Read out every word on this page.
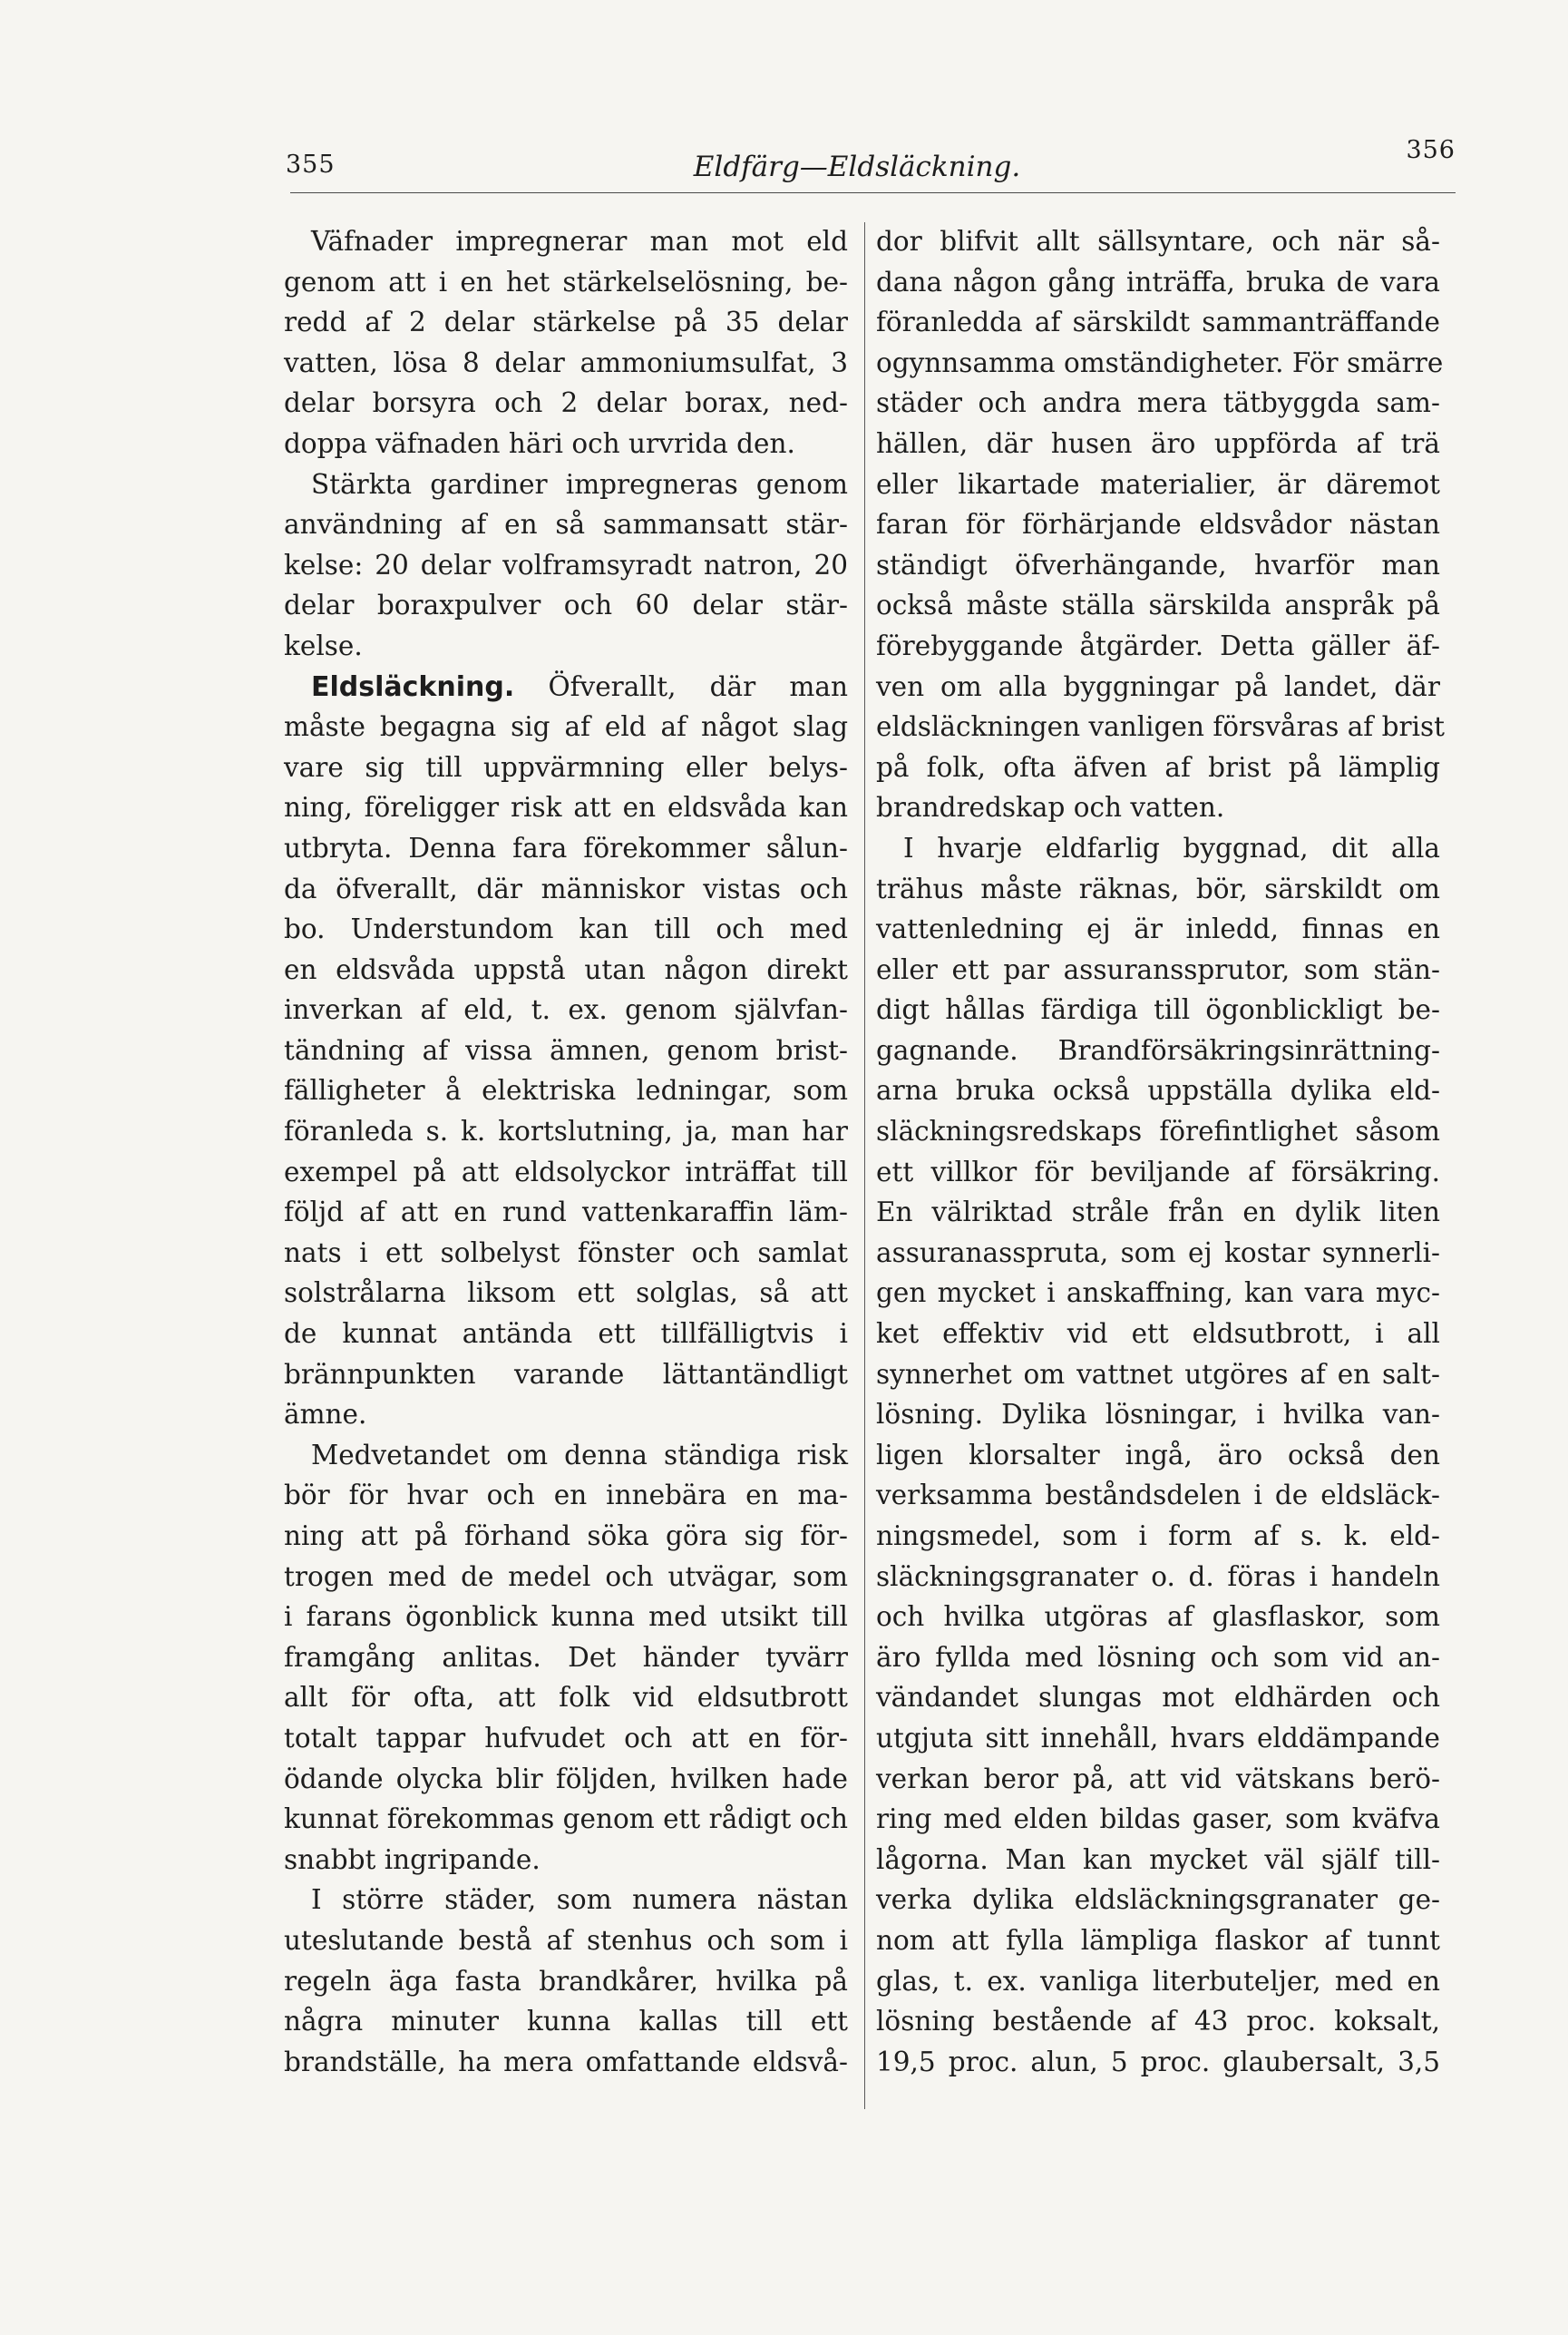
355	Eldfärg—Eldsläckning.
356
Väfnader impregnerar man mot eld
genom att i en het stärkelselösning, be-
redd af 2 delar stärkelse på 35 delar
vatten, lösa 8 delar ammoniumsulfat, 3
delar borsyra och 2 delar borax, ned-
doppa väfnaden häri och urvrida den.
Stärkta gardiner impregneras genom
användning af en så sammansatt stär-
kelse: 20 delar volframsyradt natron, 20
delar boraxpulver och 60 delar stär-
kelse.
Eldsläckning. Öfverallt, där man
måste begagna sig af eld af något slag
vare sig till uppvärmning eller belys-
ning, föreligger risk att en eldsvåda kan
utbryta. Denna fara förekommer sålun-
da öfverallt, där människor vistas och
bo. Understundom kan till och med
en eldsvåda uppstå utan någon direkt
inverkan af eld, t. ex. genom självfan-
tändning af vissa ämnen, genom brist-
fälligheter å elektriska ledningar, som
föranleda s. k. kortslutning, ja, man har
exempel på att eldsolyckor inträffat till
följd af att en rund vattenkaraffin läm-
nats i ett solbelyst fönster och samlat
solstrålarna liksom ett solglas, så att
de kunnat antända ett tillfälligtvis i
brännpunkten varande lättantändligt
ämne.
Medvetandet om denna ständiga risk
bör för hvar och en innebära en ma-
ning att på förhand söka göra sig för-
trogen med de medel och utvägar, som
i farans ögonblick kunna med utsikt till
framgång anlitas. Det händer tyvärr
allt för ofta, att folk vid eldsutbrott
totalt tappar hufvudet och att en för-
ödande olycka blir följden, hvilken hade
kunnat förekommas genom ett rådigt och
snabbt ingripande.
I större städer, som numera nästan
uteslutande bestå af stenhus och som i
regeln äga fasta brandkårer, hvilka på
några minuter kunna kallas till ett
brandställe, ha mera omfattande eldsvå-
dor blifvit allt sällsyntare, och när så-
dana någon gång inträffa, bruka de vara
föranledda af särskildt sammanträffande
ogynnsamma omständigheter. För smärre
städer och andra mera tätbyggda sam-
hällen, där husen äro uppförda af trä
eller likartade materialier, är däremot
faran för förhärjande eldsvådor nästan
ständigt öfverhängande, hvarför man
också måste ställa särskilda anspråk på
förebyggande åtgärder. Detta gäller äf-
ven om alla byggningar på landet, där
eldsläckningen vanligen försvåras af brist
på folk, ofta äfven af brist på lämplig
brandredskap och vatten.
I hvarje eldfarlig byggnad, dit alla
trähus måste räknas, bör, särskildt om
vattenledning ej är inledd, finnas en
eller ett par assuranssprutor, som stän-
digt hållas färdiga till ögonblickligt be-
gagnande. Brandförsäkringsinrättning-
arna bruka också uppställa dylika eld-
släckningsredskaps förefintlighet såsom
ett villkor för beviljande af försäkring.
En välriktad stråle från en dylik liten
assuranasspruta, som ej kostar synnerli-
gen mycket i anskaffning, kan vara myc-
ket effektiv vid ett eldsutbrott, i all
synnerhet om vattnet utgöres af en salt-
lösning. Dylika lösningar, i hvilka van-
ligen klorsalter ingå, äro också den
verksamma beståndsdelen i de eldsläck-
ningsmedel, som i form af s. k. eld-
släckningsgranater o. d. föras i handeln
och hvilka utgöras af glasflaskor, som
äro fyllda med lösning och som vid an-
vändandet slungas mot eldhärden och
utgjuta sitt innehåll, hvars elddämpande
verkan beror på, att vid vätskans berö-
ring med elden bildas gaser, som kväfva
lågorna. Man kan mycket väl själf till-
verka dylika eldsläckningsgranater ge-
nom att fylla lämpliga flaskor af tunnt
glas, t. ex. vanliga literbuteljer, med en
lösning bestående af 43 proc. koksalt,
19,5 proc. alun, 5 proc. glaubersalt, 3,5
